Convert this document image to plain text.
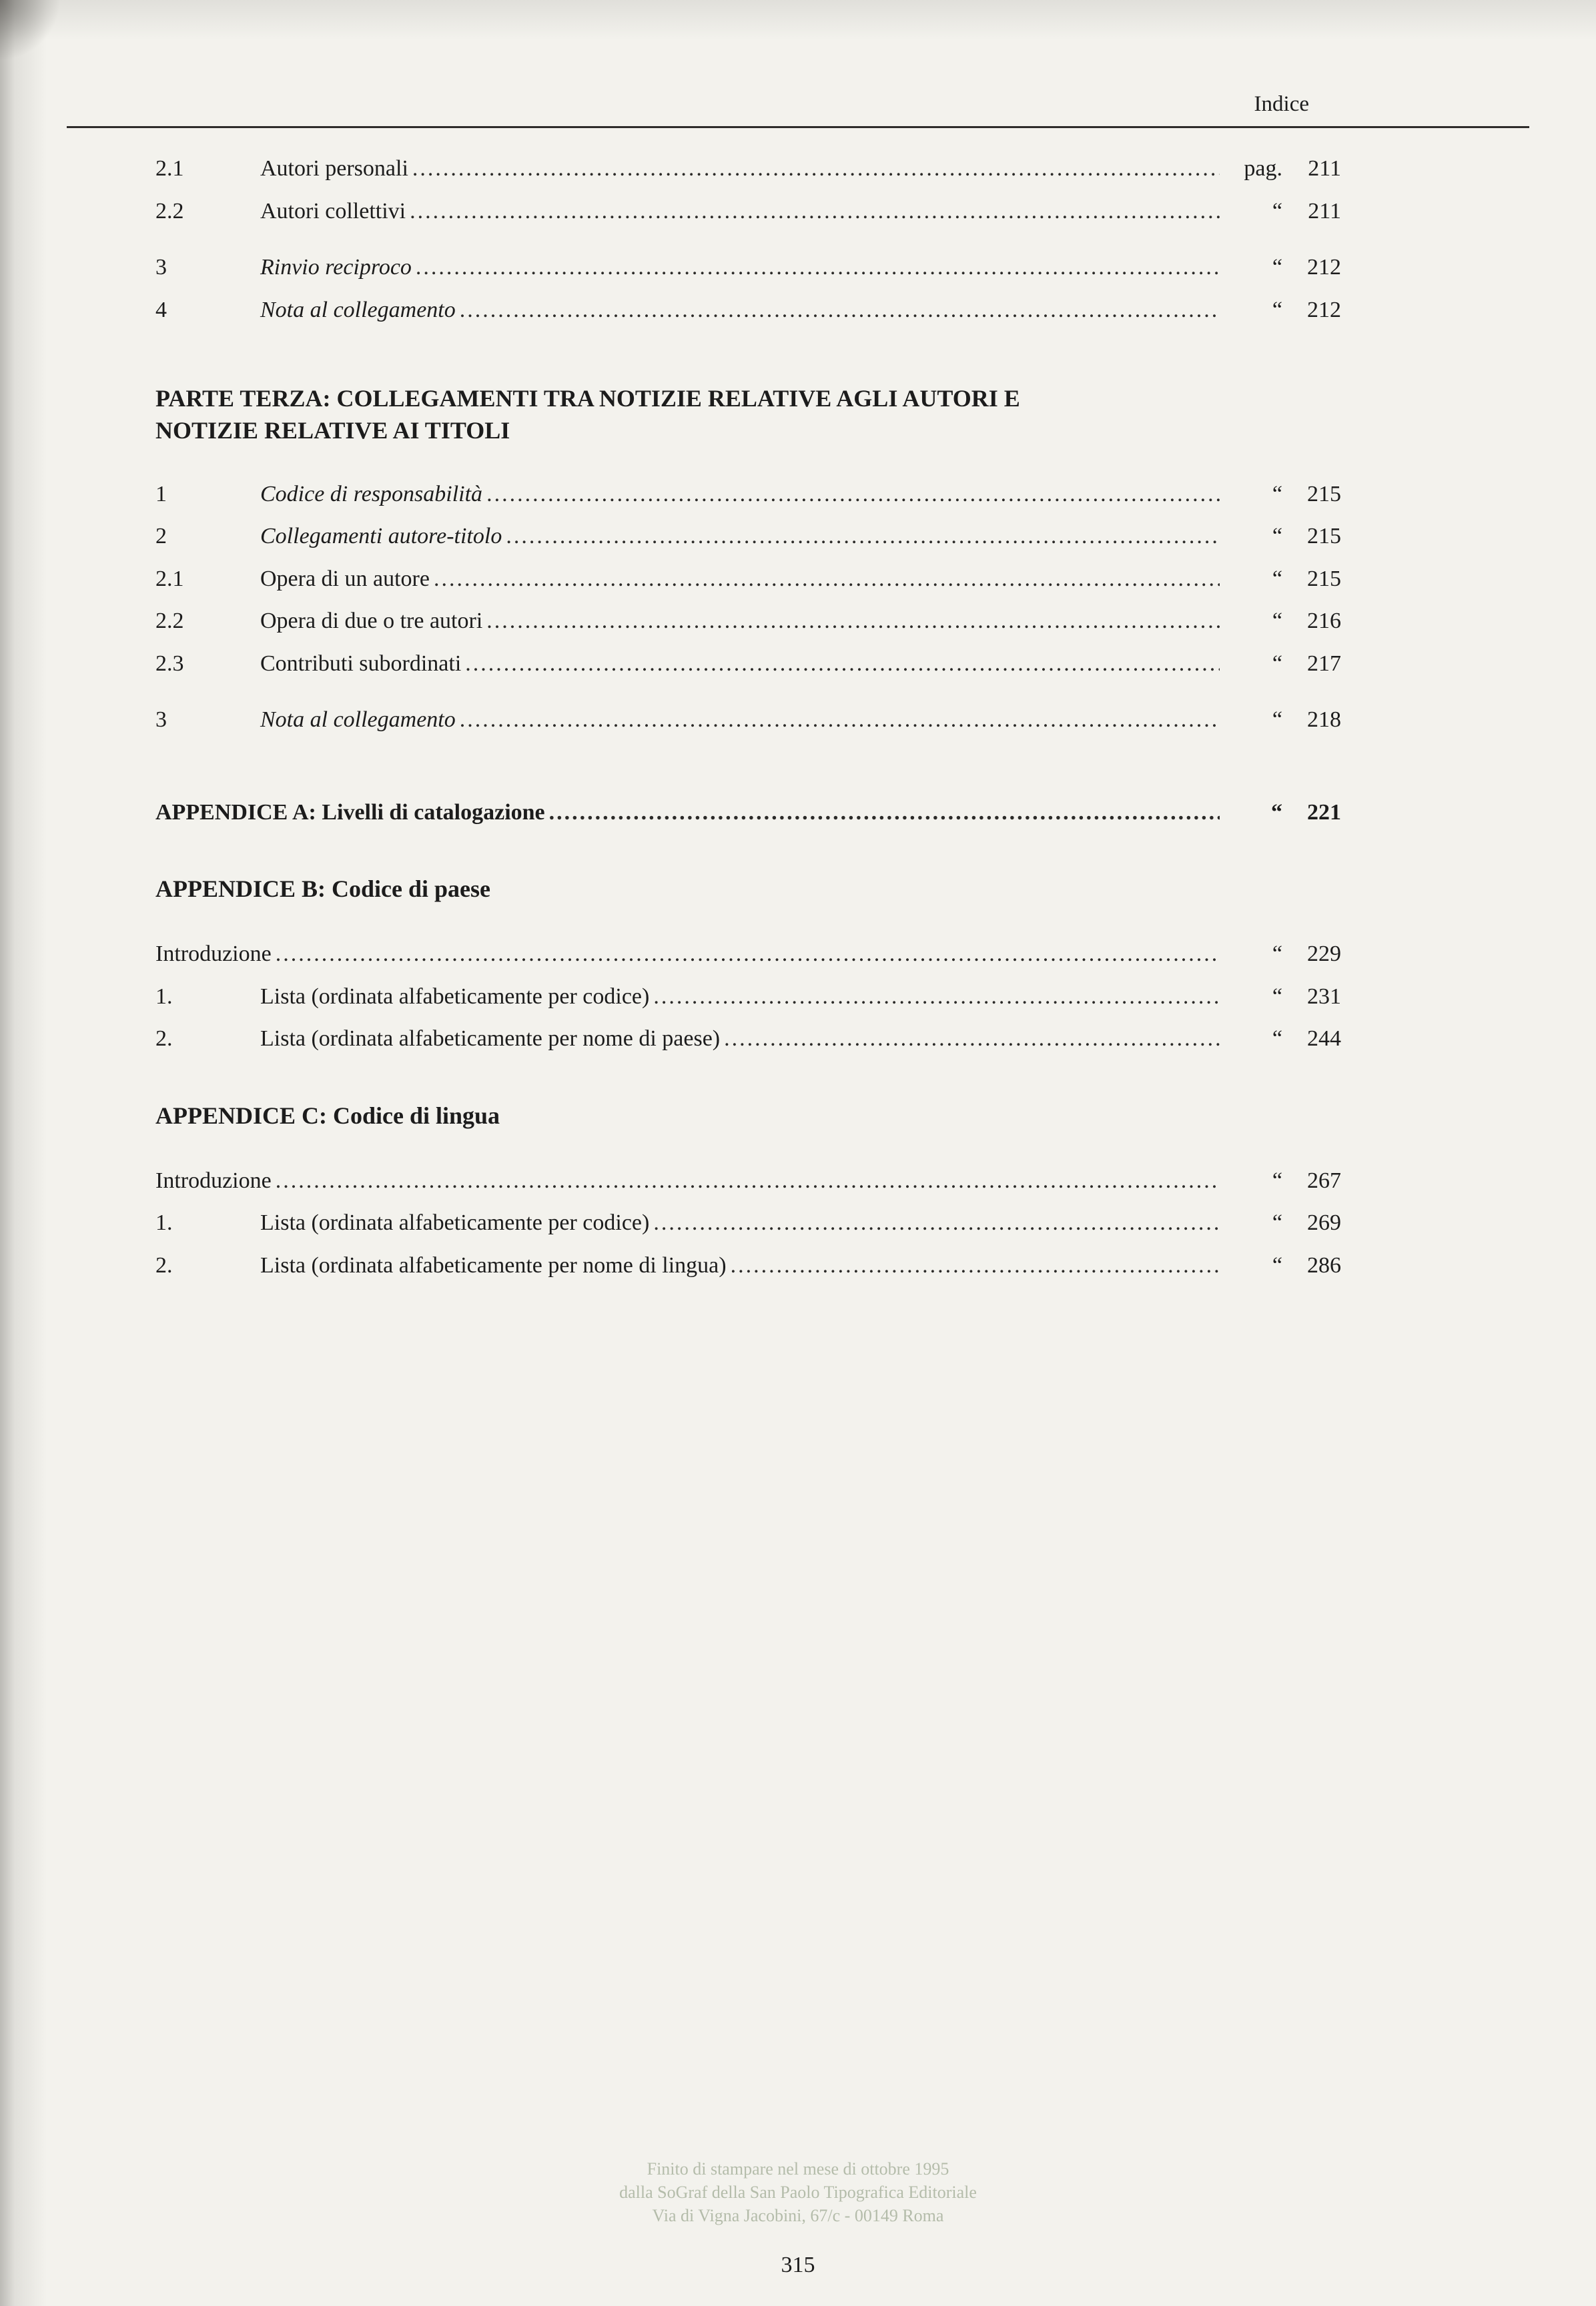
Indice
2.1	Autori personali .....	pag.	211
2.2	Autori collettivi .....	“	211
3	Rinvio reciproco .....	“	212
4	Nota al collegamento .....	“	212
PARTE TERZA: COLLEGAMENTI TRA NOTIZIE RELATIVE AGLI AUTORI E
NOTIZIE RELATIVE AI TITOLI
1	Codice di responsabilità .....	“	215
2	Collegamenti autore-titolo .....	“	215
2.1	Opera di un autore .....	“	215
2.2	Opera di due o tre autori .....	“	216
2.3	Contributi subordinati .....	“	217
3	Nota al collegamento .....	“	218
APPENDICE A: Livelli di catalogazione .....	“	221
APPENDICE B: Codice di paese
Introduzione .....	“	229
1.	Lista (ordinata alfabeticamente per codice) .....	“	231
2.	Lista (ordinata alfabeticamente per nome di paese) .....	“	244
APPENDICE C: Codice di lingua
Introduzione .....	“	267
1.	Lista (ordinata alfabeticamente per codice) .....	“	269
2.	Lista (ordinata alfabeticamente per nome di lingua) .....	“	286
Finito di stampare nel mese di ottobre 1995
dalla SoGraf della San Paolo Tipografica Editoriale
Via di Vigna Jacobini, 67/c - 00149 Roma
315
